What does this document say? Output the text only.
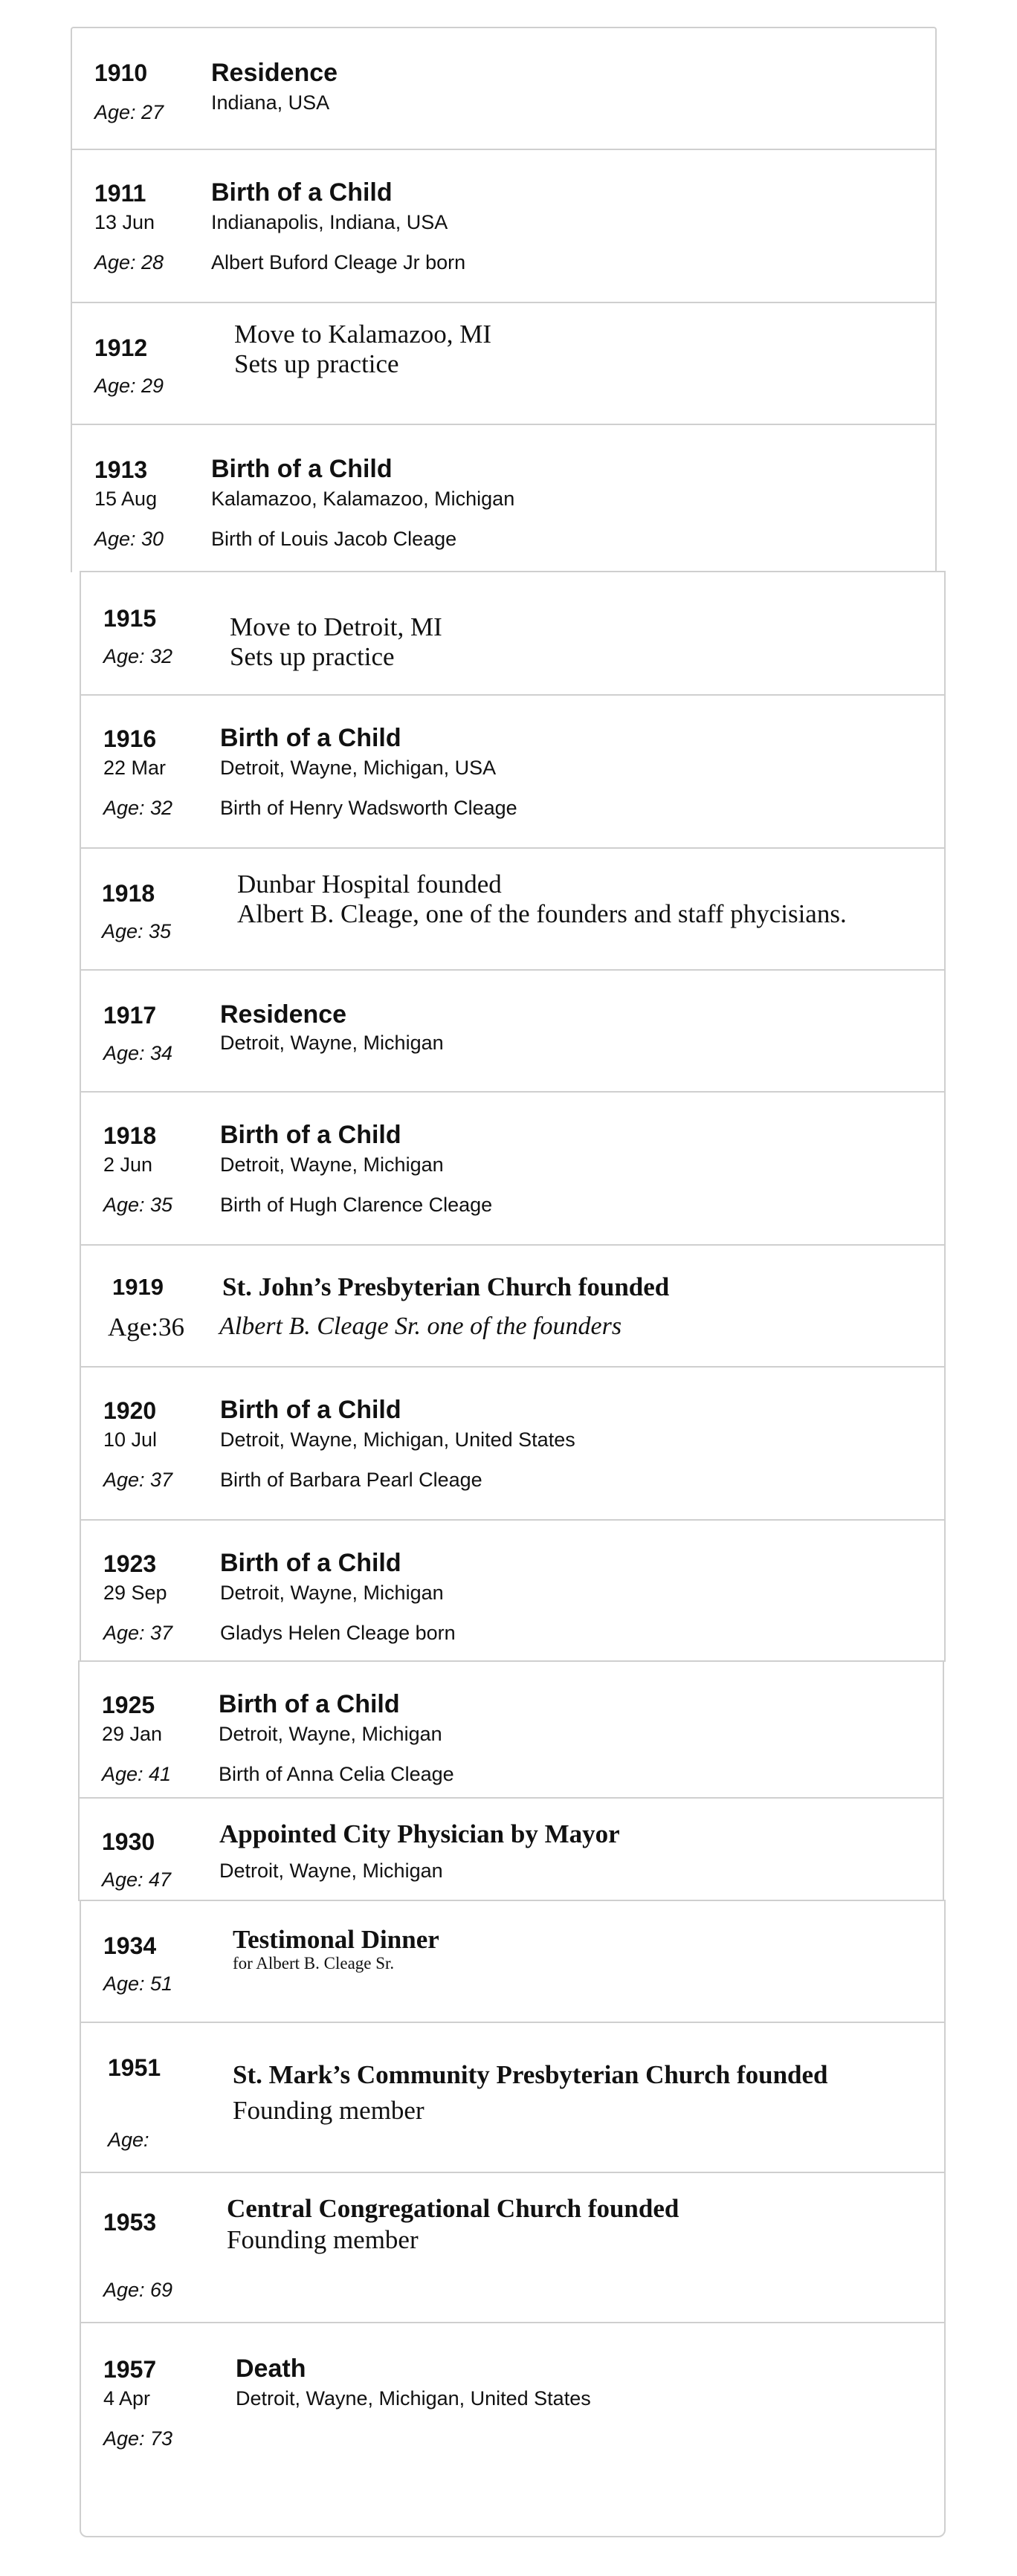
1910
Age: 27
Residence
Indiana, USA
1911
13 Jun
Age: 28
Birth of a Child
Indianapolis, Indiana, USA
Albert Buford Cleage Jr born
1912
Age: 29
Move to Kalamazoo, MI
Sets up practice
1913
15 Aug
Age: 30
Birth of a Child
Kalamazoo, Kalamazoo, Michigan
Birth of Louis Jacob Cleage
1915
Age: 32
Move to Detroit, MI
Sets up practice
1916
22 Mar
Age: 32
Birth of a Child
Detroit, Wayne, Michigan, USA
Birth of Henry Wadsworth Cleage
1918
Age: 35
Dunbar Hospital founded
Albert B. Cleage, one of the founders and staff phycisians.
1917
Age: 34
Residence
Detroit, Wayne, Michigan
1918
2 Jun
Age: 35
Birth of a Child
Detroit, Wayne, Michigan
Birth of Hugh Clarence Cleage
1919
Age:36
St. John’s Presbyterian Church founded
Albert B. Cleage Sr. one of the founders
1920
10 Jul
Age: 37
Birth of a Child
Detroit, Wayne, Michigan, United States
Birth of Barbara Pearl Cleage
1923
29 Sep
Age: 37
Birth of a Child
Detroit, Wayne, Michigan
Gladys Helen Cleage born
1925
29 Jan
Age: 41
Birth of a Child
Detroit, Wayne, Michigan
Birth of Anna Celia Cleage
1930
Age: 47
Appointed City Physician by Mayor
Detroit, Wayne, Michigan
1934
Age: 51
Testimonal Dinner
for Albert B. Cleage Sr.
1951
Age:
St. Mark’s Community Presbyterian Church founded
Founding member
1953
Age: 69
Central Congregational Church founded
Founding member
1957
4 Apr
Age: 73
Death
Detroit, Wayne, Michigan, United States
